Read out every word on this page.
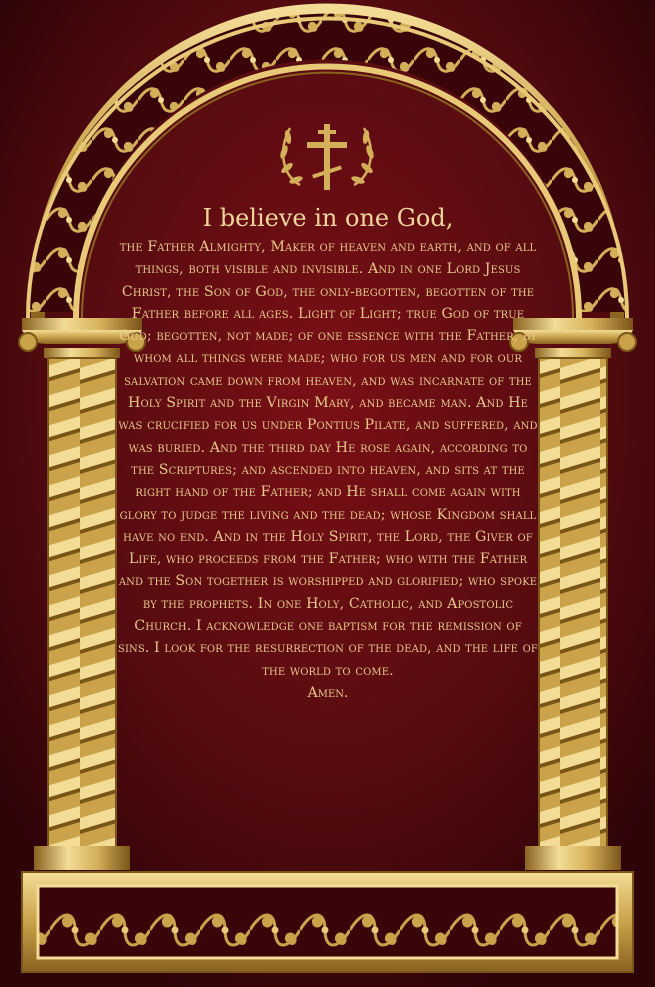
I believe in one God,

the Father Almighty, Maker of heaven and earth, and of all things, both visible and invisible. And in one Lord Jesus Christ, the Son of God, the only-begotten, begotten of the Father before all ages. Light of Light; true God of true God; begotten, not made; of one essence with the Father, by whom all things were made; who for us men and for our salvation came down from heaven, and was incarnate of the Holy Spirit and the Virgin Mary, and became man. And He was crucified for us under Pontius Pilate, and suffered, and was buried. And the third day He rose again, according to the Scriptures; and ascended into heaven, and sits at the right hand of the Father; and He shall come again with glory to judge the living and the dead; whose Kingdom shall have no end. And in the Holy Spirit, the Lord, the Giver of Life, who proceeds from the Father; who with the Father and the Son together is worshipped and glorified; who spoke by the prophets. In one Holy, Catholic, and Apostolic Church. I acknowledge one baptism for the remission of sins. I look for the resurrection of the dead, and the life of the world to come.

Amen.
